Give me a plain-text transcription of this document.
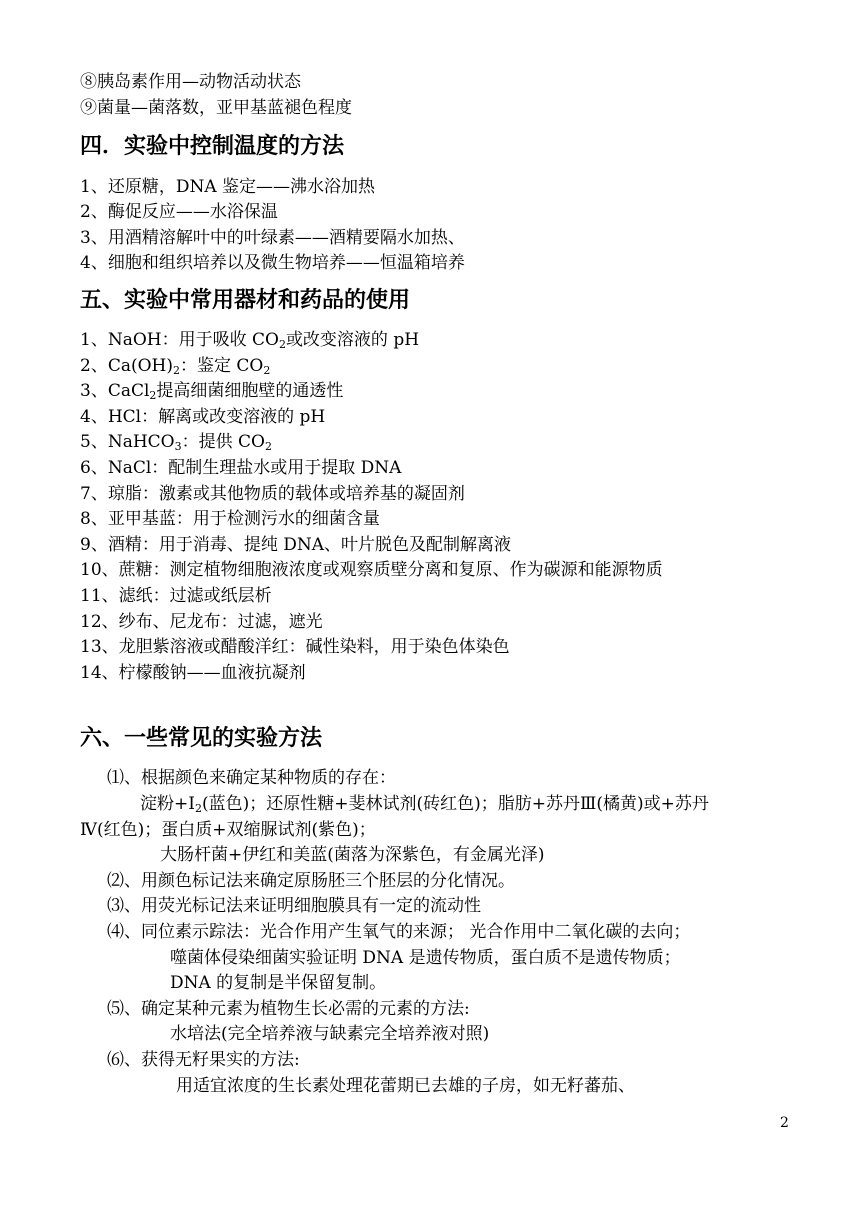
⑧胰岛素作用—动物活动状态
⑨菌量—菌落数，亚甲基蓝褪色程度
四．实验中控制温度的方法
1、还原糖，DNA 鉴定——沸水浴加热
2、酶促反应——水浴保温
3、用酒精溶解叶中的叶绿素——酒精要隔水加热、
4、细胞和组织培养以及微生物培养——恒温箱培养
五、实验中常用器材和药品的使用
1、NaOH：用于吸收 $CO_2$或改变溶液的 pH
2、$Ca(OH)_2$：鉴定 $CO_2$
3、CaCl$_2$提高细菌细胞壁的通透性
4、HCl：解离或改变溶液的 pH
5、NaHCO$_3$：提供 $CO_2$
6、NaCl：配制生理盐水或用于提取 DNA
7、琼脂：激素或其他物质的载体或培养基的凝固剂
8、亚甲基蓝：用于检测污水的细菌含量
9、酒精：用于消毒、提纯 DNA、叶片脱色及配制解离液
10、蔗糖：测定植物细胞液浓度或观察质壁分离和复原、作为碳源和能源物质
11、滤纸：过滤或纸层析
12、纱布、尼龙布：过滤，遮光
13、龙胆紫溶液或醋酸洋红：碱性染料，用于染色体染色
14、柠檬酸钠——血液抗凝剂
六、一些常见的实验方法
⑴、根据颜色来确定某种物质的存在：
淀粉$+I_2$(蓝色)；还原性糖+斐林试剂(砖红色)；脂肪+苏丹Ⅲ(橘黄)或+苏丹
Ⅳ(红色)；蛋白质+双缩脲试剂(紫色)；
大肠杆菌+伊红和美蓝(菌落为深紫色，有金属光泽)
⑵、用颜色标记法来确定原肠胚三个胚层的分化情况。
⑶、用荧光标记法来证明细胞膜具有一定的流动性
⑷、同位素示踪法：光合作用产生氧气的来源； 光合作用中二氧化碳的去向；
噬菌体侵染细菌实验证明 DNA 是遗传物质，蛋白质不是遗传物质；
DNA 的复制是半保留复制。
⑸、确定某种元素为植物生长必需的元素的方法:
水培法(完全培养液与缺素完全培养液对照)
⑹、获得无籽果实的方法:
用适宜浓度的生长素处理花蕾期已去雄的子房，如无籽蕃茄、
2
